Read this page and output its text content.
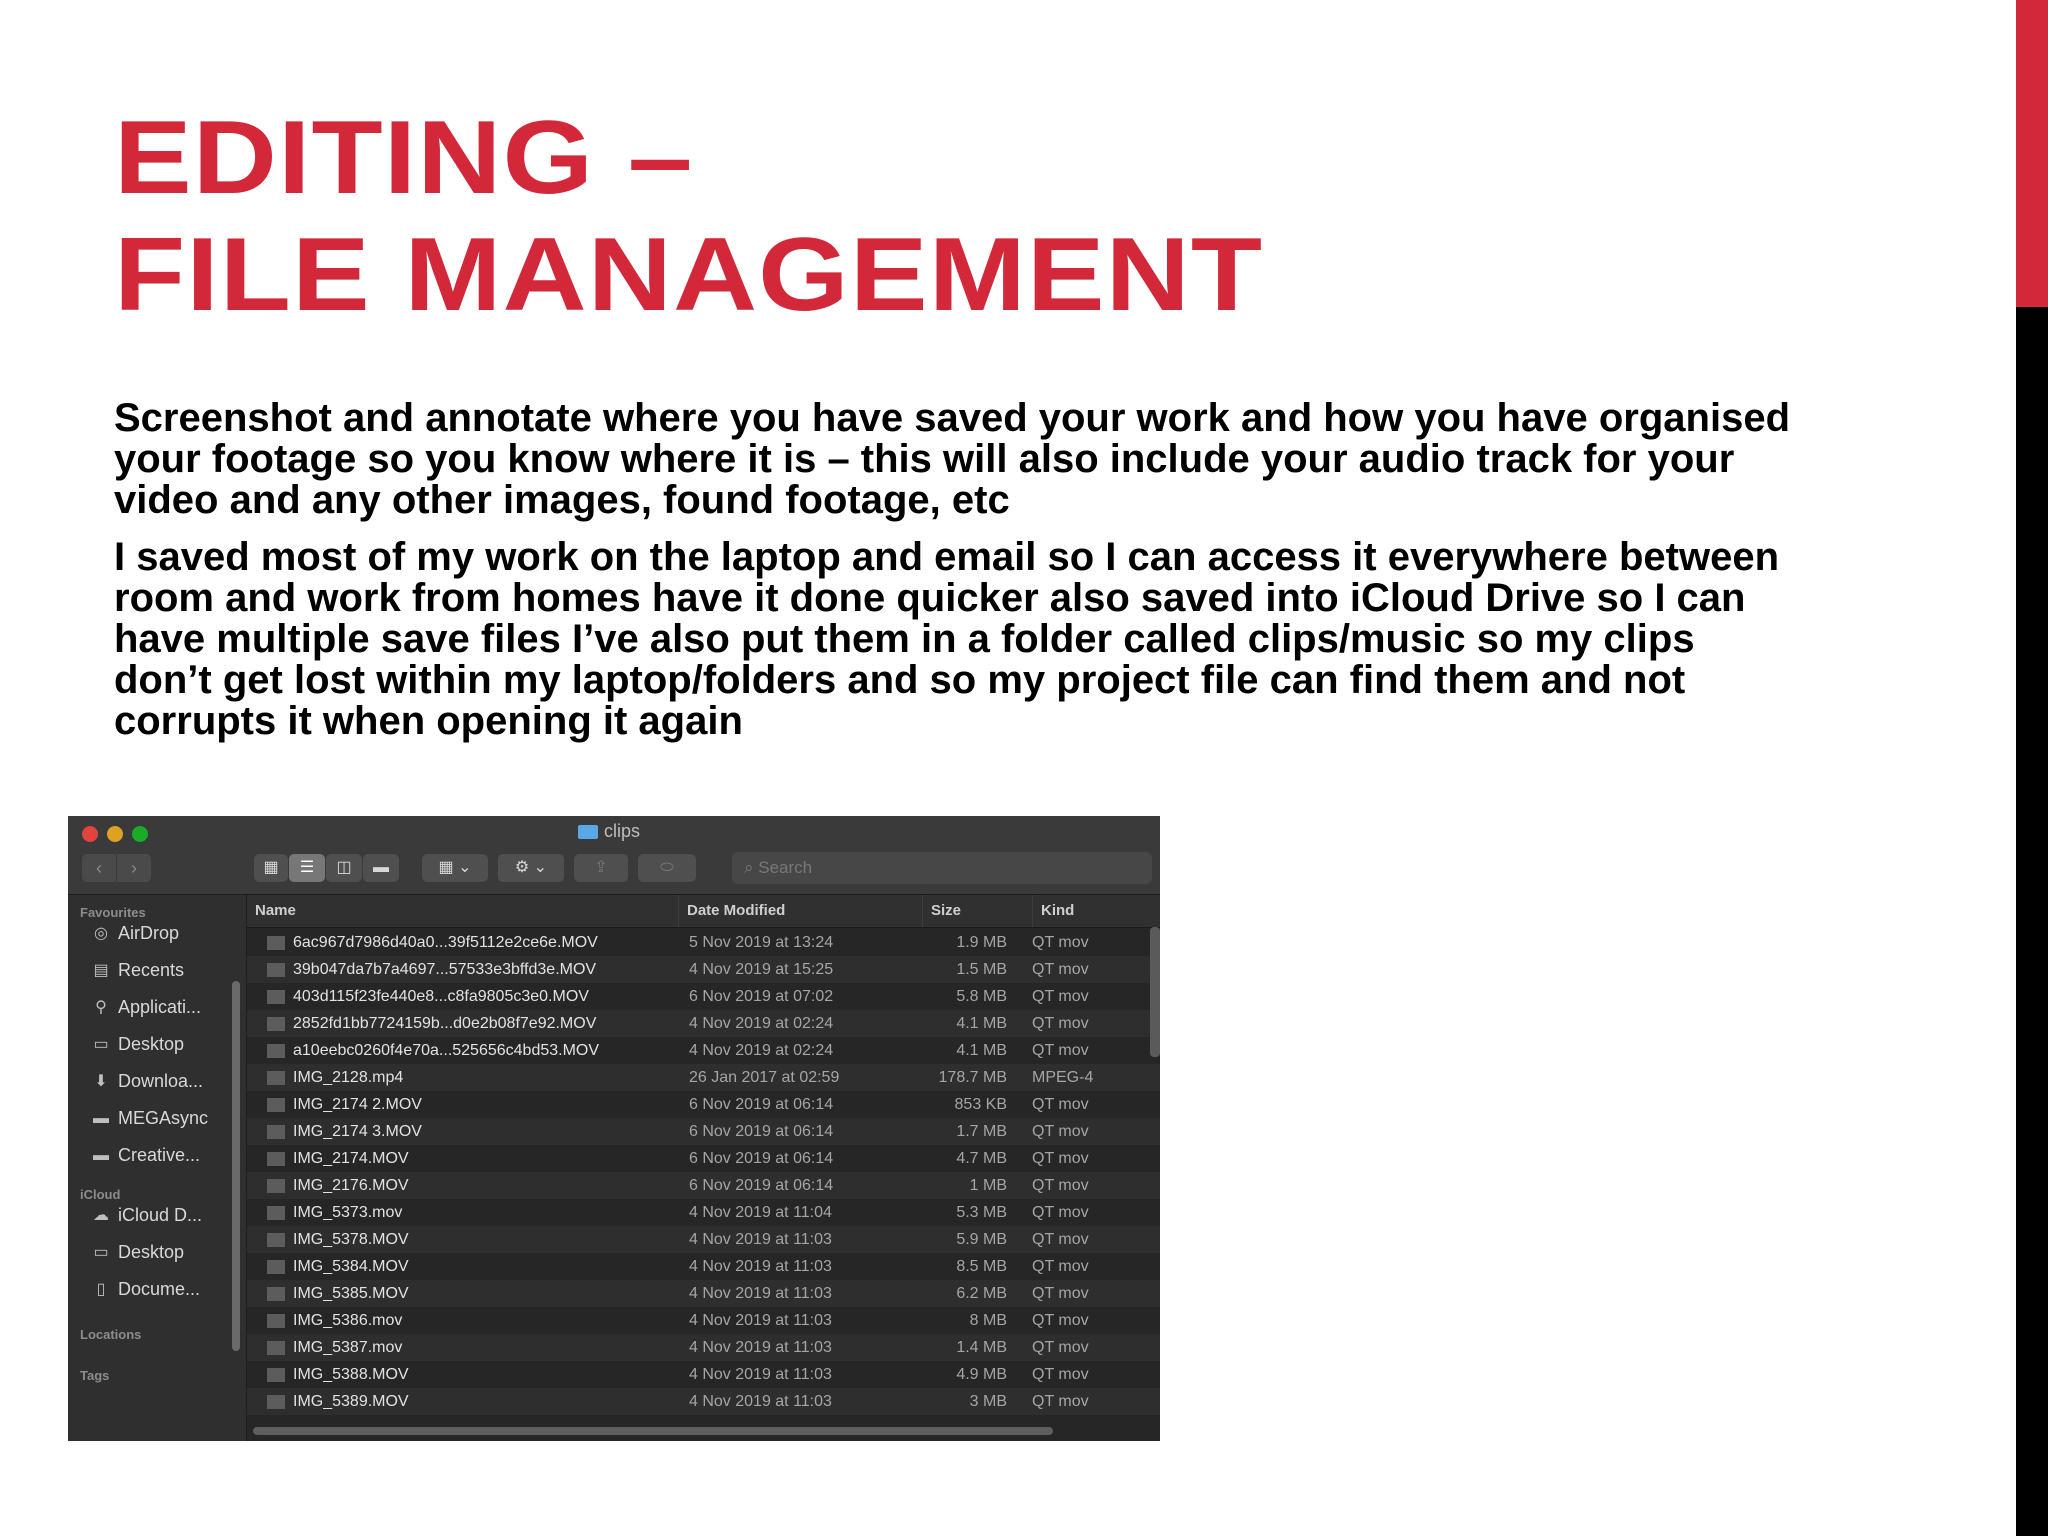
EDITING –
FILE MANAGEMENT

Screenshot and annotate where you have saved your work and how you have organised your footage so you know where it is – this will also include your audio track for your video and any other images, found footage, etc

I saved most of my work on the laptop and email so I can access it everywhere between room and work from homes have it done quicker also saved into iCloud Drive so I can have multiple save files I’ve also put them in a folder called clips/music so my clips don’t get lost within my laptop/folders and so my project file can find them and not corrupts it when opening it again

clips
‹	›	▦	☰	◫	▬	▦ ⌄	⚙ ⌄	⇪	⬭	⌕ Search
Favourites
◎ AirDrop
▤ Recents
⚲ Applicati...
▭ Desktop
⬇ Downloa...
▬ MEGAsync
▬ Creative...
iCloud
☁ iCloud D...
▭ Desktop
▯ Docume...
Locations
Tags
Name	Date Modified	Size	Kind
6ac967d7986d40a0...39f5112e2ce6e.MOV	5 Nov 2019 at 13:24	1.9 MB QT mov
39b047da7b7a4697...57533e3bffd3e.MOV	4 Nov 2019 at 15:25	1.5 MB QT mov
403d115f23fe440e8...c8fa9805c3e0.MOV	6 Nov 2019 at 07:02	5.8 MB QT mov
2852fd1bb7724159b...d0e2b08f7e92.MOV	4 Nov 2019 at 02:24	4.1 MB QT mov
a10eebc0260f4e70a...525656c4bd53.MOV	4 Nov 2019 at 02:24	4.1 MB QT mov
IMG_2128.mp4	26 Jan 2017 at 02:59	178.7 MB MPEG-4
IMG_2174 2.MOV	6 Nov 2019 at 06:14	853 KB QT mov
IMG_2174 3.MOV	6 Nov 2019 at 06:14	1.7 MB QT mov
IMG_2174.MOV	6 Nov 2019 at 06:14	4.7 MB QT mov
IMG_2176.MOV	6 Nov 2019 at 06:14	1 MB QT mov
IMG_5373.mov	4 Nov 2019 at 11:04	5.3 MB QT mov
IMG_5378.MOV	4 Nov 2019 at 11:03	5.9 MB QT mov
IMG_5384.MOV	4 Nov 2019 at 11:03	8.5 MB QT mov
IMG_5385.MOV	4 Nov 2019 at 11:03	6.2 MB QT mov
IMG_5386.mov	4 Nov 2019 at 11:03	8 MB QT mov
IMG_5387.mov	4 Nov 2019 at 11:03	1.4 MB QT mov
IMG_5388.MOV	4 Nov 2019 at 11:03	4.9 MB QT mov
IMG_5389.MOV	4 Nov 2019 at 11:03	3 MB QT mov
